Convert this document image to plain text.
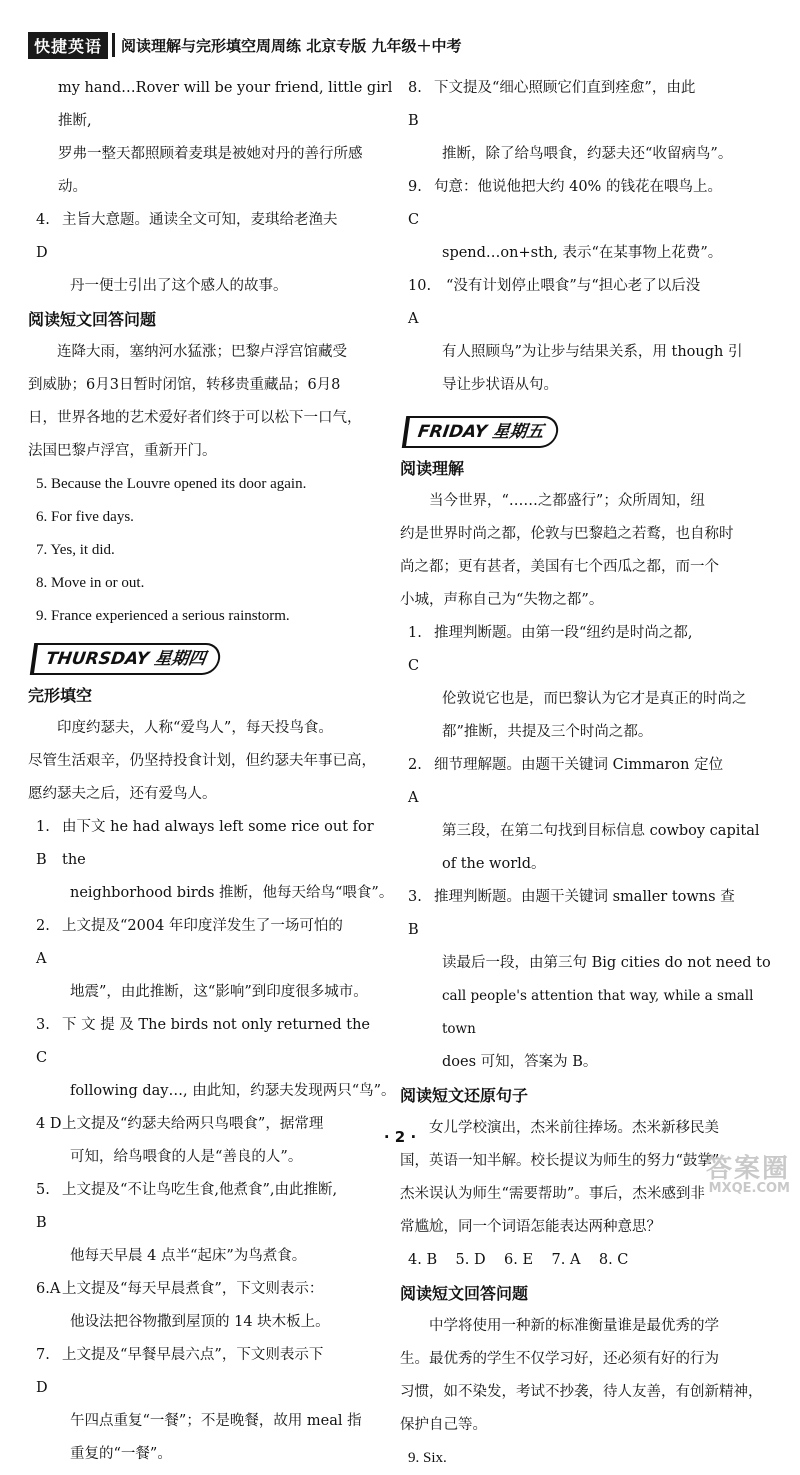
快捷英语	阅读理解与完形填空周周练 北京专版 九年级＋中考

my hand…Rover will be your friend, little girl推断,

罗弗一整天都照顾着麦琪是被她对丹的善行所感

动。

4. D
主旨大意题。通读全文可知，麦琪给老渔夫

丹一便士引出了这个感人的故事。

阅读短文回答问题

连降大雨，塞纳河水猛涨；巴黎卢浮宫馆藏受

到威胁；6月3日暂时闭馆，转移贵重藏品；6月8

日，世界各地的艺术爱好者们终于可以松下一口气，

法国巴黎卢浮宫，重新开门。

5. Because the Louvre opened its door again.

6. For five days.

7. Yes, it did.

8. Move in or out.

9. France experienced a serious rainstorm.

THURSDAY 星期四

完形填空

印度约瑟夫，人称“爱鸟人”，每天投鸟食。

尽管生活艰辛，仍坚持投食计划，但约瑟夫年事已高，

愿约瑟夫之后，还有爱鸟人。

1. B
由下文 he had always left some rice out for the

neighborhood birds 推断，他每天给鸟“喂食”。

2. A
上文提及“2004 年印度洋发生了一场可怕的

地震”，由此推断，这“影响”到印度很多城市。

3. C
下 文 提 及 The birds not only returned the

following day…, 由此知，约瑟夫发现两只“鸟”。

4 D 上文提及“约瑟夫给两只鸟喂食”，据常理

可知，给鸟喂食的人是“善良的人”。

5. B
上文提及“不让鸟吃生食,他煮食”,由此推断,

他每天早晨 4 点半“起床”为鸟煮食。

6.A 上文提及“每天早晨煮食”，下文则表示：

他设法把谷物撒到屋顶的 14 块木板上。

7. D
上文提及“早餐早晨六点”，下文则表示下

午四点重复“一餐”；不是晚餐，故用 meal 指

重复的“一餐”。

8. B
下文提及“细心照顾它们直到痊愈”，由此

推断，除了给鸟喂食，约瑟夫还“收留病鸟”。

9. C
句意：他说他把大约 40% 的钱花在喂鸟上。

spend…on+sth, 表示“在某事物上花费”。

10. A
“没有计划停止喂食”与“担心老了以后没

有人照顾鸟”为让步与结果关系，用 though 引

导让步状语从句。

FRIDAY 星期五

阅读理解

当今世界，“……之都盛行”；众所周知，纽

约是世界时尚之都，伦敦与巴黎趋之若鹜，也自称时

尚之都；更有甚者，美国有七个西瓜之都，而一个

小城，声称自己为“失物之都”。

1. C
推理判断题。由第一段“纽约是时尚之都,

伦敦说它也是，而巴黎认为它才是真正的时尚之

都”推断，共提及三个时尚之都。

2. A
细节理解题。由题干关键词 Cimmaron 定位

第三段，在第二句找到目标信息 cowboy capital

of the world。

3. B
推理判断题。由题干关键词 smaller towns 查

读最后一段，由第三句 Big cities do not need to

call people's attention that way, while a small town

does 可知，答案为 B。

阅读短文还原句子

女儿学校演出，杰米前往捧场。杰米新移民美

国，英语一知半解。校长提议为师生的努力“鼓掌”，

杰米误认为师生“需要帮助”。事后，杰米感到非

常尴尬，同一个词语怎能表达两种意思？

4. B    5. D    6. E    7. A    8. C

阅读短文回答问题

中学将使用一种新的标准衡量谁是最优秀的学

生。最优秀的学生不仅学习好，还必须有好的行为

习惯，如不染发，考试不抄袭，待人友善，有创新精神，

保护自己等。

9. Six.

· 2 ·
答案圈
MXQE.COM
